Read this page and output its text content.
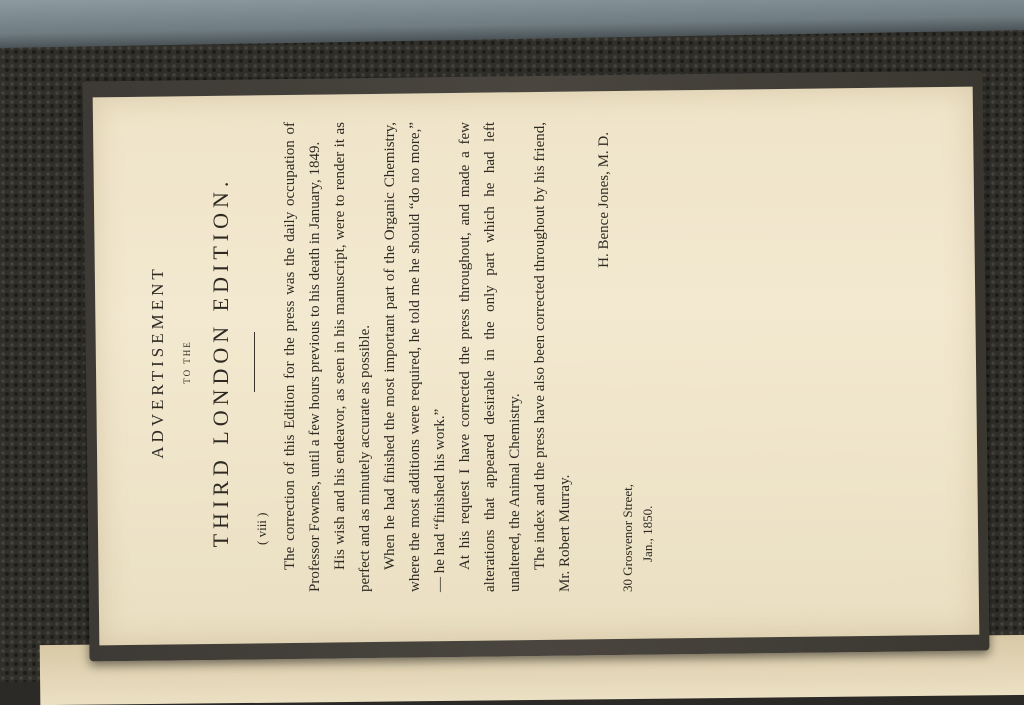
ADVERTISEMENT TO THE THIRD LONDON EDITION.	The correction of this Edition for the press was the daily occupation of Professor Fownes, until a few hours previous to his death in January, 1849. His wish and his endeavor, as seen in his manuscript, were to render it as perfect and as minutely accurate as possible. When he had finished the most important part of the Organic Chemistry, where the most additions were required, he told me he should “do no more,” — he had “finished his work.” At his request I have corrected the press throughout, and made a few alterations that appeared desirable in the only part which he had left unaltered, the Animal Chemistry. The index and the press have also been corrected throughout by his friend, Mr. Robert Murray.

H. Bence Jones, M. D.
30 Grosvenor Street, Jan., 1850.
( viii )
